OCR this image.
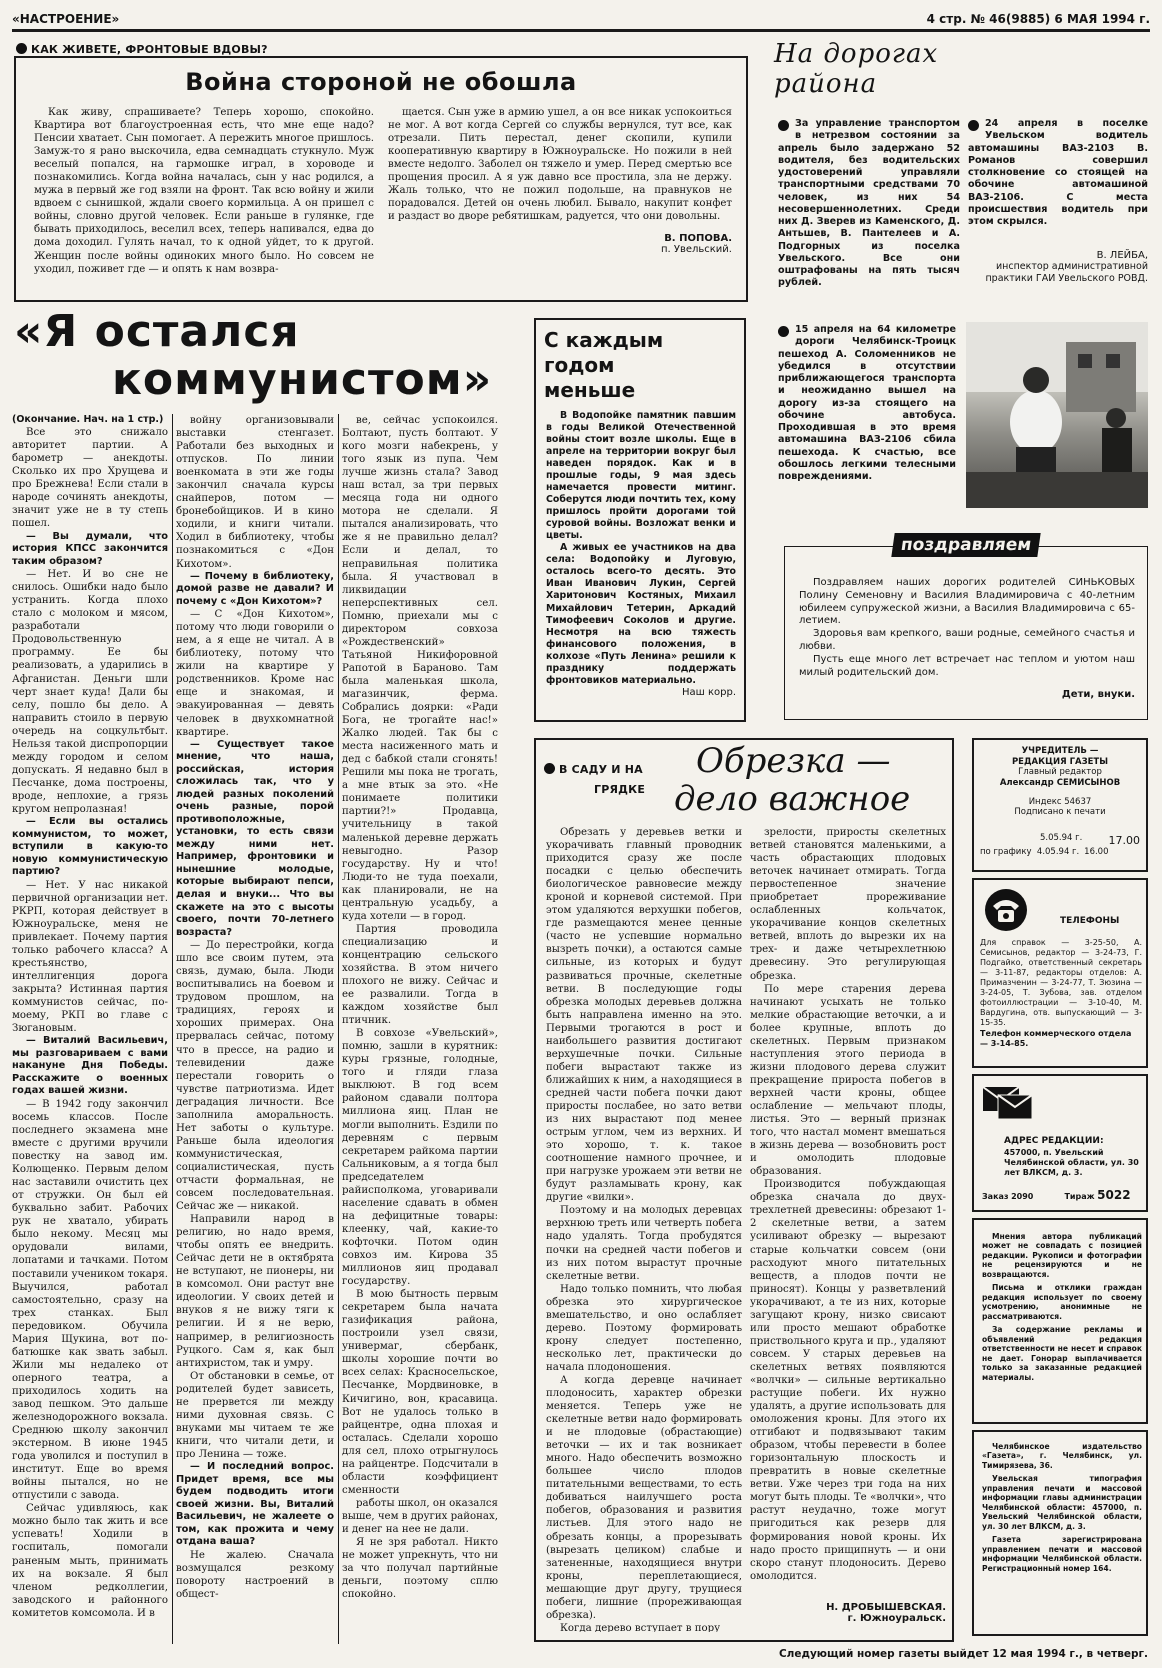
«НАСТРОЕНИЕ»	4 стр. № 46(9885) 6 МАЯ 1994 г.
КАК ЖИВЕТЕ, ФРОНТОВЫЕ ВДОВЫ?
Война стороной не обошла

Как живу, спрашиваете? Теперь хорошо, спокойно. Квартира вот благоустроенная есть, что мне еще надо? Пенсии хватает. Сын помогает. А пережить многое пришлось. Замуж-то я рано выскочила, едва семнадцать стукнуло. Муж веселый попался, на гармошке играл, в хороводе и познакомились. Когда война началась, сын у нас родился, а мужа в первый же год взяли на фронт. Так всю войну и жили вдвоем с сынишкой, ждали своего кормильца. А он пришел с войны, словно другой человек. Если раньше в гулянке, где бывать приходилось, веселил всех, теперь напивался, едва до дома доходил. Гулять начал, то к одной уйдет, то к другой. Женщин после войны одиноких много было. Но совсем не уходил, поживет где — и опять к нам возвра-

щается. Сын уже в армию ушел, а он все никак успокоиться не мог. А вот когда Сергей со службы вернулся, тут все, как отрезали. Пить перестал, денег скопили, купили кооперативную квартиру в Южноуральске. Но пожили в ней вместе недолго. Заболел он тяжело и умер. Перед смертью все прощения просил. А я уж давно все простила, зла не держу. Жаль только, что не пожил подольше, на правнуков не порадовался. Детей он очень любил. Бывало, накупит конфет и раздаст во дворе ребятишкам, радуется, что они довольны.

В. ПОПОВА.

п. Увельский.

На дорогах района

За управление транспортом в нетрезвом состоянии за апрель было задержано 52 водителя, без водительских удостоверений управляли транспортными средствами 70 человек, из них 54 несовершеннолетних. Среди них Д. Зверев из Каменского, Д. Антьшев, В. Пантелеев и А. Подгорных из поселка Увельского. Все они оштрафованы на пять тысяч рублей.

24 апреля в поселке Увельском водитель автомашины ВАЗ-2103 В. Романов совершил столкновение со стоящей на обочине автомашиной ВАЗ-2106. С места происшествия водитель при этом скрылся.

В. ЛЕЙБА,

инспектор административной практики ГАИ Увельского РОВД.

15 апреля на 64 километре дороги Челябинск-Троицк пешеход А. Соломенников не убедился в отсутствии приближающегося транспорта и неожиданно вышел на дорогу из-за стоящего на обочине автобуса. Проходившая в это время автомашина ВАЗ-2106 сбила пешехода. К счастью, все обошлось легкими телесными повреждениями.

«Я остался
коммунистом»

(Окончание. Нач. на 1 стр.)

Все это снижало авторитет партии. А барометр — анекдоты. Сколько их про Хрущева и про Брежнева! Если стали в народе сочинять анекдоты, значит уже не в ту степь пошел.

— Вы думали, что история КПСС закончится таким образом?

— Нет. И во сне не снилось. Ошибки надо было устранить. Когда плохо стало с молоком и мясом, разработали Продовольственную программу. Ее бы реализовать, а ударились в Афганистан. Деньги шли черт знает куда! Дали бы селу, пошло бы дело. А направить стоило в первую очередь на соцкультбыт. Нельзя такой диспропорции между городом и селом допускать. Я недавно был в Песчанке, дома построены, вроде, неплохие, а грязь кругом непролазная!

— Если вы остались коммунистом, то может, вступили в какую-то новую коммунистическую партию?

— Нет. У нас никакой первичной организации нет. РКРП, которая действует в Южноуральске, меня не привлекает. Почему партия только рабочего класса? А крестьянство, интеллигенция дорога закрыта? Истинная партия коммунистов сейчас, по-моему, РКП во главе с Зюгановым.

— Виталий Васильевич, мы разговариваем с вами накануне Дня Победы. Расскажите о военных годах вашей жизни.

— В 1942 году закончил восемь классов. После последнего экзамена мне вместе с другими вручили повестку на завод им. Колющенко. Первым делом нас заставили очистить цех от стружки. Он был ей буквально забит. Рабочих рук не хватало, убирать было некому. Месяц мы орудовали вилами, лопатами и тачками. Потом поставили учеником токаря. Выучился, работал самостоятельно, сразу на трех станках. Был передовиком. Обучила Мария Щукина, вот по-батюшке как звать забыл. Жили мы недалеко от оперного театра, а приходилось ходить на завод пешком. Это дальше железнодорожного вокзала. Среднюю школу закончил экстерном. В июне 1945 года уволился и поступил в институт. Еще во время войны пытался, но не отпустили с завода.

Сейчас удивляюсь, как можно было так жить и все успевать! Ходили в госпиталь, помогали раненым мыть, принимать их на вокзале. Я был членом редколлегии, заводского и районного комитетов комсомола. И в

войну организовывали выставки стенгазет. Работали без выходных и отпусков. По линии военкомата в эти же годы закончил сначала курсы снайперов, потом — бронебойщиков. И в кино ходили, и книги читали. Ходил в библиотеку, чтобы познакомиться с «Дон Кихотом».

— Почему в библиотеку, домой разве не давали? И почему с «Дон Кихотом»?

— С «Дон Кихотом», потому что люди говорили о нем, а я еще не читал. А в библиотеку, потому что жили на квартире у родственников. Кроме нас еще и знакомая, и эвакуированная — девять человек в двухкомнатной квартире.

— Существует такое мнение, что наша, российская, история сложилась так, что у людей разных поколений очень разные, порой противоположные, установки, то есть связи между ними нет. Например, фронтовики и нынешние молодые, которые выбирают пепси, делая и внуки... Что вы скажете на это с высоты своего, почти 70-летнего возраста?

— До перестройки, когда шло все своим путем, эта связь, думаю, была. Люди воспитывались на боевом и трудовом прошлом, на традициях, героях и хороших примерах. Она прервалась сейчас, потому что в прессе, на радио и телевидении даже перестали говорить о чувстве патриотизма. Идет деградация личности. Все заполнила аморальность. Нет заботы о культуре. Раньше была идеология коммунистическая, социалистическая, пусть отчасти формальная, не совсем последовательная. Сейчас же — никакой.

Направили народ в религию, но надо время, чтобы опять ее внедрить. Сейчас дети не в октябрята не вступают, не пионеры, ни в комсомол. Они растут вне идеологии. У своих детей и внуков я не вижу тяги к религии. И я не верю, например, в религиозность Руцкого. Сам я, как был антихристом, так и умру.

От обстановки в семье, от родителей будет зависеть, не прервется ли между ними духовная связь. С внуками мы читаем те же книги, что читали дети, и про Ленина — тоже.

— И последний вопрос. Придет время, все мы будем подводить итоги своей жизни. Вы, Виталий Васильевич, не жалеете о том, как прожита и чему отдана ваша?

Не жалею. Сначала возмущался резкому повороту настроений в общест-

ве, сейчас успокоился. Болтают, пусть болтают. У кого мозги набекрень, у того язык из пупа. Чем лучше жизнь стала? Завод наш встал, за три первых месяца года ни одного мотора не сделали. Я пытался анализировать, что же я не правильно делал? Если и делал, то неправильная политика была. Я участвовал в ликвидации неперспективных сел. Помню, приехали мы с директором совхоза «Рождественский» Татьяной Никифоровной Рапотой в Бараново. Там была маленькая школа, магазинчик, ферма. Собрались доярки: «Ради Бога, не трогайте нас!» Жалко людей. Так бы с места насиженного мать и дед с бабкой стали сгонять! Решили мы пока не трогать, а мне втык за это. «Не понимаете политики партии?!» Продавца, учительницу в такой маленькой деревне держать невыгодно. Разор государству. Ну и что! Люди-то не туда поехали, как планировали, не на центральную усадьбу, а куда хотели — в город.

Партия проводила специализацию и концентрацию сельского хозяйства. В этом ничего плохого не вижу. Сейчас и ее развалили. Тогда в каждом хозяйстве был птичник.

В совхозе «Увельский», помню, зашли в курятник: куры грязные, голодные, того и гляди глаза выклюют. В год всем районом сдавали полтора миллиона яиц. План не могли выполнить. Ездили по деревням с первым секретарем райкома партии Сальниковым, а я тогда был председателем райисполкома, уговаривали население сдавать в обмен на дефицитные товары: клеенку, чай, какие-то кофточки. Потом один совхоз им. Кирова 35 миллионов яиц продавал государству.

В мою бытность первым секретарем была начата газификация района, построили узел связи, универмаг, сбербанк, школы хорошие почти во всех селах: Красносельское, Песчанке, Мордвиновке, в Кичигино, вон, красавица. Вот не удалось только в райцентре, одна плохая и осталась. Сделали хорошо для сел, плохо отрыгнулось на райцентре. Подсчитали в области коэффициент сменности

работы школ, он оказался выше, чем в других районах, и денег на нее не дали.

Я не зря работал. Никто не может упрекнуть, что ни за что получал партийные деньги, поэтому сплю спокойно.

С каждым годом меньше

В Водопойке памятник павшим в годы Великой Отечественной войны стоит возле школы. Еще в апреле на территории вокруг был наведен порядок. Как и в прошлые годы, 9 мая здесь намечается провести митинг. Соберутся люди почтить тех, кому пришлось пройти дорогами той суровой войны. Возложат венки и цветы.

А живых ее участников на два села: Водопойку и Луговую, осталось всего-то десять. Это Иван Иванович Лукин, Сергей Харитонович Костяных, Михаил Михайлович Тетерин, Аркадий Тимофеевич Соколов и другие. Несмотря на всю тяжесть финансового положения, в колхозе «Путь Ленина» решили к празднику поддержать фронтовиков материально.

Наш корр.

поздравляем

Поздравляем наших дорогих родителей СИНЬКОВЫХ Полину Семеновну и Василия Владимировича с 40-летним юбилеем супружеской жизни, а Василия Владимировича с 65-летием.

Здоровья вам крепкого, ваши родные, семейного счастья и любви.

Пусть еще много лет встречает нас теплом и уютом наш милый родительский дом.

Дети, внуки.

В САДУ И НА
ГРЯДКЕ
Обрезка —
дело важное

Обрезать у деревьев ветки и укорачивать главный проводник приходится сразу же после посадки с целью обеспечить биологическое равновесие между кроной и корневой системой. При этом удаляются верхушки побегов, где размещаются менее ценные (часто не успевшие нормально вызреть почки), а остаются самые сильные, из которых и будут развиваться прочные, скелетные ветви. В последующие годы обрезка молодых деревьев должна быть направлена именно на это. Первыми трогаются в рост и наибольшего развития достигают верхушечные почки. Сильные побеги вырастают также из ближайших к ним, а находящиеся в средней части побега почки дают приросты послабее, но зато ветви из них вырастают под менее острым углом, чем из верхних. И это хорошо, т. к. такое соотношение намного прочнее, и при нагрузке урожаем эти ветви не будут разламывать крону, как другие «вилки».

Поэтому и на молодых деревцах верхнюю треть или четверть побега надо удалять. Тогда пробудятся почки на средней части побегов и из них потом вырастут прочные скелетные ветви.

Надо только помнить, что любая обрезка это хирургическое вмешательство, и оно ослабляет дерево. Поэтому формировать крону следует постепенно, несколько лет, практически до начала плодоношения.

А когда деревце начинает плодоносить, характер обрезки меняется. Теперь уже не скелетные ветви надо формировать и не плодовые (обрастающие) веточки — их и так возникает много. Надо обеспечить возможно большее число плодов питательными веществами, то есть добиваться наилучшего роста побегов, образования и развития листьев. Для этого надо не обрезать концы, а прорезывать (вырезать целиком) слабые и затененные, находящиеся внутри кроны, переплетающиеся, мешающие друг другу, трущиеся побеги, лишние (прореживающая обрезка).

Когда дерево вступает в пору

зрелости, приросты скелетных ветвей становятся маленькими, а часть обрастающих плодовых веточек начинает отмирать. Тогда первостепенное значение приобретает прореживание ослабленных кольчаток, укорачивание концов скелетных ветвей, вплоть до вырезки их на трех- и даже четырехлетнюю древесину. Это регулирующая обрезка.

По мере старения дерева начинают усыхать не только мелкие обрастающие веточки, а и более крупные, вплоть до скелетных. Первым признаком наступления этого периода в жизни плодового дерева служит прекращение прироста побегов в верхней части кроны, общее ослабление — мельчают плоды, листья. Это — верный признак того, что настал момент вмешаться в жизнь дерева — возобновить рост и омолодить плодовые образования.

Производится побуждающая обрезка сначала до двух-трехлетней древесины: обрезают 1-2 скелетные ветви, а затем усиливают обрезку — вырезают старые кольчатки совсем (они расходуют много питательных веществ, а плодов почти не приносят). Концы у разветвлений укорачивают, а те из них, которые загущают крону, низко свисают или просто мешают обработке приствольного круга и пр., удаляют совсем. У старых деревьев на скелетных ветвях появляются «волчки» — сильные вертикально растущие побеги. Их нужно удалять, а другие использовать для омоложения кроны. Для этого их отгибают и подвязывают таким образом, чтобы перевести в более горизонтальную плоскость и превратить в новые скелетные ветви. Уже через три года на них могут быть плоды. Те «волчки», что растут неудачно, тоже могут пригодиться как резерв для формирования новой кроны. Их надо просто прищипнуть — и они скоро станут плодоносить. Дерево омолодится.

Н. ДРОБЫШЕВСКАЯ.

г. Южноуральск.

УЧРЕДИТЕЛЬ —
РЕДАКЦИЯ ГАЗЕТЫ
Главный редактор
Александр СЕМИСЫНОВ
Индекс 54637
Подписано к печати
5.05.94 г. 17.00
по графику 4.05.94 г. 16.00
ТЕЛЕФОНЫ

Для справок — 3-25-50, А. Семисынов, редактор — 3-24-73, Г. Подгайко, ответственный секретарь — 3-11-87, редакторы отделов: А. Примазченин — 3-24-77, Т. Зюзина — 3-24-05, Т. Зубова, зав. отделом фотоиллюстрации — 3-10-40, М. Вардугина, отв. выпускающий — 3-15-35.

Телефон коммерческого отдела — 3-14-85.

АДРЕС РЕДАКЦИИ:

457000, п. Увельский Челябинской области, ул. 30 лет ВЛКСМ, д. 3.

Заказ 2090	Тираж 5022

Мнения автора публикаций может не совпадать с позицией редакции. Рукописи и фотографии не рецензируются и не возвращаются.

Письма и отклики граждан редакция использует по своему усмотрению, анонимные не рассматриваются.

За содержание рекламы и объявлений редакция ответственности не несет и справок не дает. Гонорар выплачивается только за заказанные редакцией материалы.

Челябинское издательство «Газета», г. Челябинск, ул. Тимирязева, 36.

Увельская типография управления печати и массовой информации главы администрации Челябинской области: 457000, п. Увельский Челябинской области, ул. 30 лет ВЛКСМ, д. 3.

Газета зарегистрирована управлением печати и массовой информации Челябинской области. Регистрационный номер 164.

Следующий номер газеты выйдет 12 мая 1994 г., в четверг.
